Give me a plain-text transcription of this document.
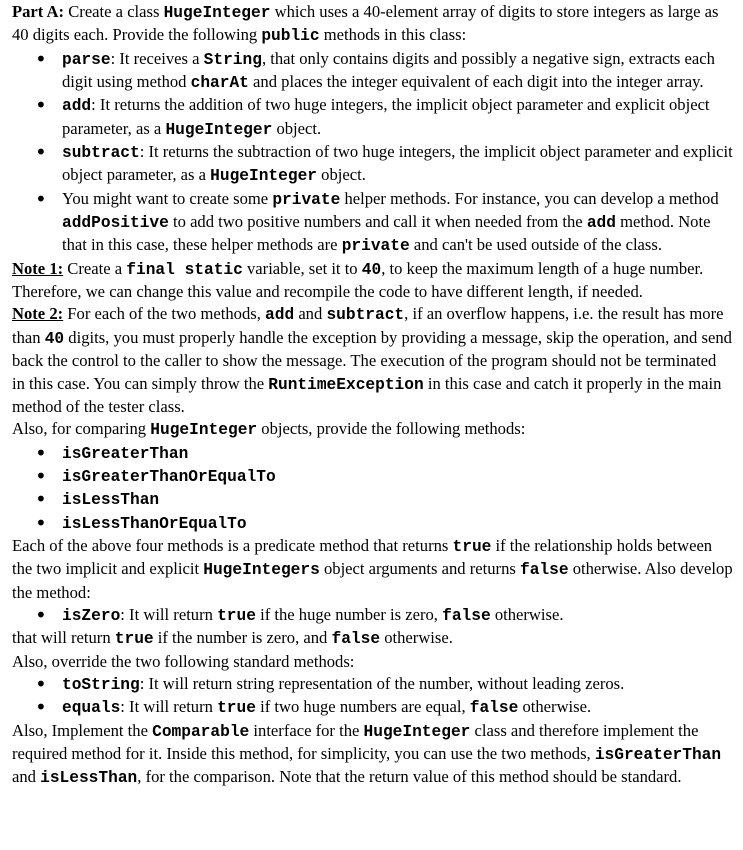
Part A: Create a class HugeInteger which uses a 40-element array of digits to store integers as large as 40 digits each. Provide the following public methods in this class:

• parse: It receives a String, that only contains digits and possibly a negative sign, extracts each digit using method charAt and places the integer equivalent of each digit into the integer array.
• add: It returns the addition of two huge integers, the implicit object parameter and explicit object parameter, as a HugeInteger object.
• subtract: It returns the subtraction of two huge integers, the implicit object parameter and explicit object parameter, as a HugeInteger object.
• You might want to create some private helper methods. For instance, you can develop a method addPositive to add two positive numbers and call it when needed from the add method. Note that in this case, these helper methods are private and can't be used outside of the class.

Note 1: Create a final static variable, set it to 40, to keep the maximum length of a huge number. Therefore, we can change this value and recompile the code to have different length, if needed.

Note 2: For each of the two methods, add and subtract, if an overflow happens, i.e. the result has more than 40 digits, you must properly handle the exception by providing a message, skip the operation, and send back the control to the caller to show the message. The execution of the program should not be terminated in this case. You can simply throw the RuntimeException in this case and catch it properly in the main method of the tester class.

Also, for comparing HugeInteger objects, provide the following methods:

• isGreaterThan
• isGreaterThanOrEqualTo
• isLessThan
• isLessThanOrEqualTo

Each of the above four methods is a predicate method that returns true if the relationship holds between the two implicit and explicit HugeIntegers object arguments and returns false otherwise. Also develop the method:

• isZero: It will return true if the huge number is zero, false otherwise.

that will return true if the number is zero, and false otherwise.

Also, override the two following standard methods:

• toString: It will return string representation of the number, without leading zeros.
• equals: It will return true if two huge numbers are equal, false otherwise.

Also, Implement the Comparable interface for the HugeInteger class and therefore implement the required method for it. Inside this method, for simplicity, you can use the two methods, isGreaterThan and isLessThan, for the comparison. Note that the return value of this method should be standard.
